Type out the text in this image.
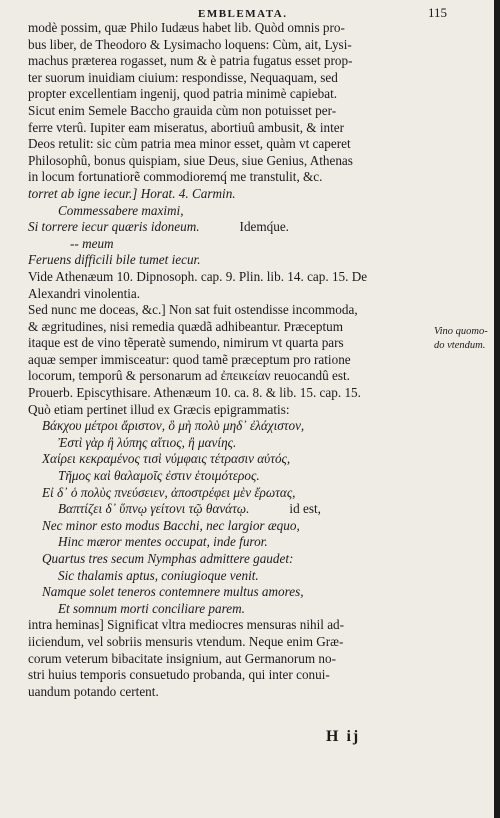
EMBLEMATA.	115
modè possim, quæ Philo Iudæus habet lib. Quòd omnis pro-
bus liber, de Theodoro & Lysimacho loquens: Cùm, ait, Lysi-
machus præterea rogasset, num & è patria fugatus esset prop-
ter suorum inuidiam ciuium: respondisse, Nequaquam, sed
propter excellentiam ingenij, quod patria minimè capiebat.
Sicut enim Semele Baccho grauida cùm non potuisset per-
ferre vterû. Iupiter eam miseratus, abortiuû ambusit, & inter
Deos retulit: sic cùm patria mea minor esset, quàm vt caperet
Philosophû, bonus quispiam, siue Deus, siue Genius, Athenas
in locum fortunatiorẽ commodioremq́ me transtulit, &c.
torret ab igne iecur.] Horat. 4. Carmin.
Commessabere maximi,
Si torrere iecur quæris idoneum.	Idemq́ue.
-- meum
Feruens difficili bile tumet iecur.
Vide Athenæum 10. Dipnosoph. cap. 9. Plin. lib. 14. cap. 15. De
Alexandri vinolentia.
Sed nunc me doceas, &c.] Non sat fuit ostendisse incommoda,
& ægritudines, nisi remedia quædã adhibeantur. Præceptum
itaque est de vino tẽperatè sumendo, nimirum vt quarta pars
aquæ semper immisceatur: quod tamẽ præceptum pro ratione
locorum, temporû & personarum ad ἐπεικείαν reuocandû est.
Prouerb. Episcythisare. Athenæum 10. ca. 8. & lib. 15. cap. 15.
Quò etiam pertinet illud ex Græcis epigrammatis:
Βάκχου μέτροι ἄριστον, ὃ μὴ πολὺ μηδ᾽ ἐλάχιστον,
Ἐστὶ γὰρ ἢ λύπης αἴτιος, ἢ μανίης.
Χαίρει κεκραμένος τισὶ νύμφαις τέτρασιν αὐτός,
Τῆμος καὶ θαλαμοῖς ἐστιν ἑτοιμότερος.
Εἰ δ᾽ ὁ πολὺς πνεύσειεν, ἀποστρέφει μὲν ἔρωτας,
Βαπτίζει δ᾽ ὕπνῳ γείτονι τῷ θανάτῳ.	id est,
Nec minor esto modus Bacchi, nec largior æquo,
Hinc mæror mentes occupat, inde furor.
Quartus tres secum Nymphas admittere gaudet:
Sic thalamis aptus, coniugioque venit.
Namque solet teneros contemnere multus amores,
Et somnum morti conciliare parem.
intra heminas] Significat vltra mediocres mensuras nihil ad-
iiciendum, vel sobriis mensuris vtendum. Neque enim Græ-
corum veterum bibacitate insignium, aut Germanorum no-
stri huius temporis consuetudo probanda, qui inter conui-
uandum potando certent.
Vino quomo-
do vtendum.
H ij
